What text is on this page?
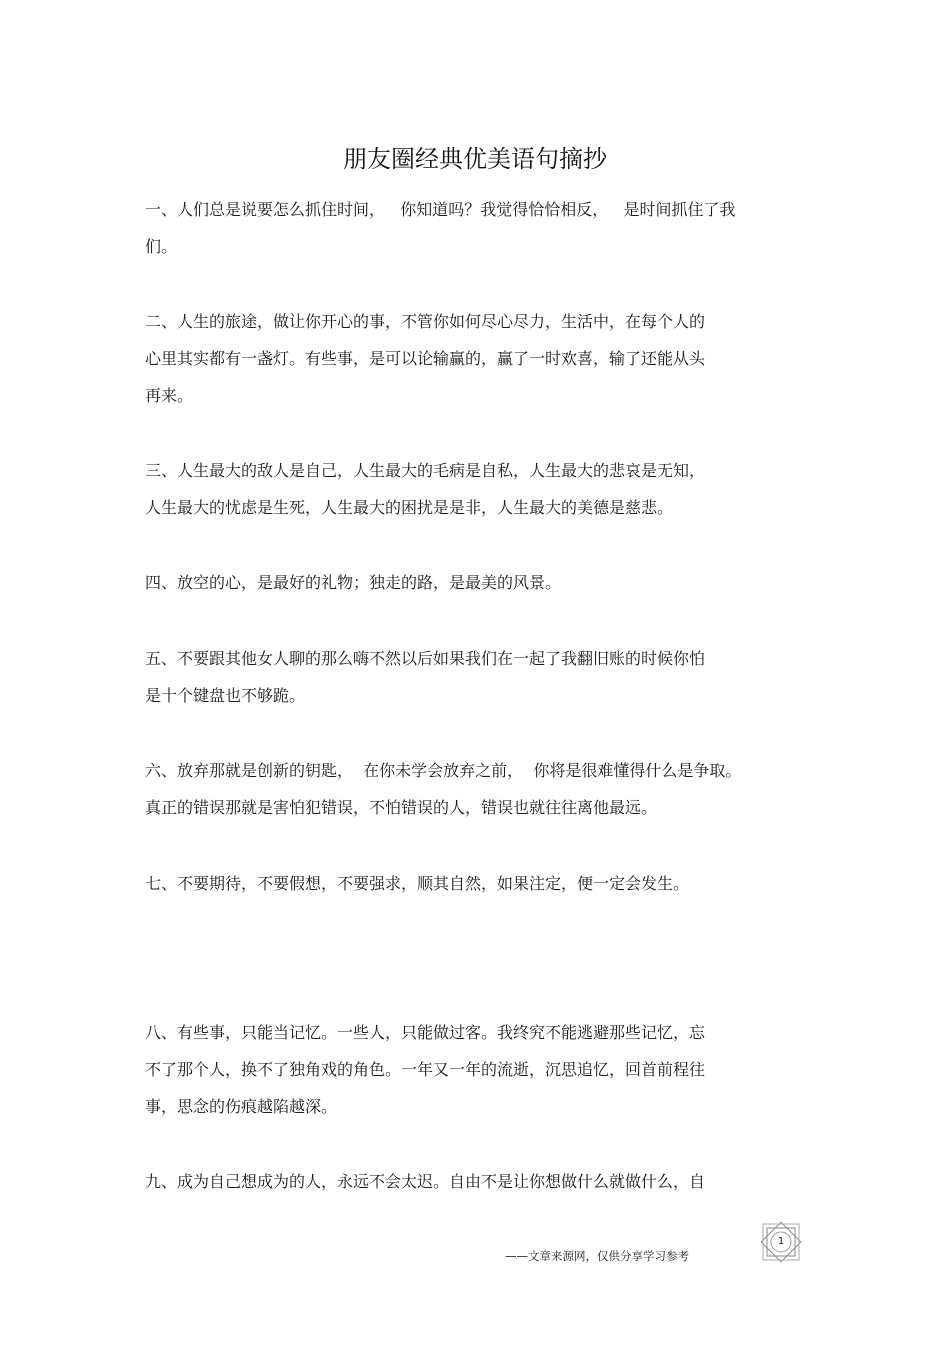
朋友圈经典优美语句摘抄
一、人们总是说要怎么抓住时间，   你知道吗？我觉得恰恰相反，   是时间抓住了我
们。
二、人生的旅途，做让你开心的事，不管你如何尽心尽力，生活中，在每个人的
心里其实都有一盏灯。有些事，是可以论输赢的，赢了一时欢喜，输了还能从头
再来。
三、人生最大的敌人是自己，人生最大的毛病是自私，人生最大的悲哀是无知，
人生最大的忧虑是生死，人生最大的困扰是是非，人生最大的美德是慈悲。
四、放空的心，是最好的礼物；独走的路，是最美的风景。
五、不要跟其他女人聊的那么嗨不然以后如果我们在一起了我翻旧账的时候你怕
是十个键盘也不够跪。
六、放弃那就是创新的钥匙，  在你未学会放弃之前，  你将是很难懂得什么是争取。
真正的错误那就是害怕犯错误，不怕错误的人，错误也就往往离他最远。
七、不要期待，不要假想，不要强求，顺其自然，如果注定，便一定会发生。
八、有些事，只能当记忆。一些人，只能做过客。我终究不能逃避那些记忆，忘
不了那个人，换不了独角戏的角色。一年又一年的流逝，沉思追忆，回首前程往
事，思念的伤痕越陷越深。
九、成为自己想成为的人，永远不会太迟。自由不是让你想做什么就做什么，自
——文章来源网，仅供分享学习参考
1
